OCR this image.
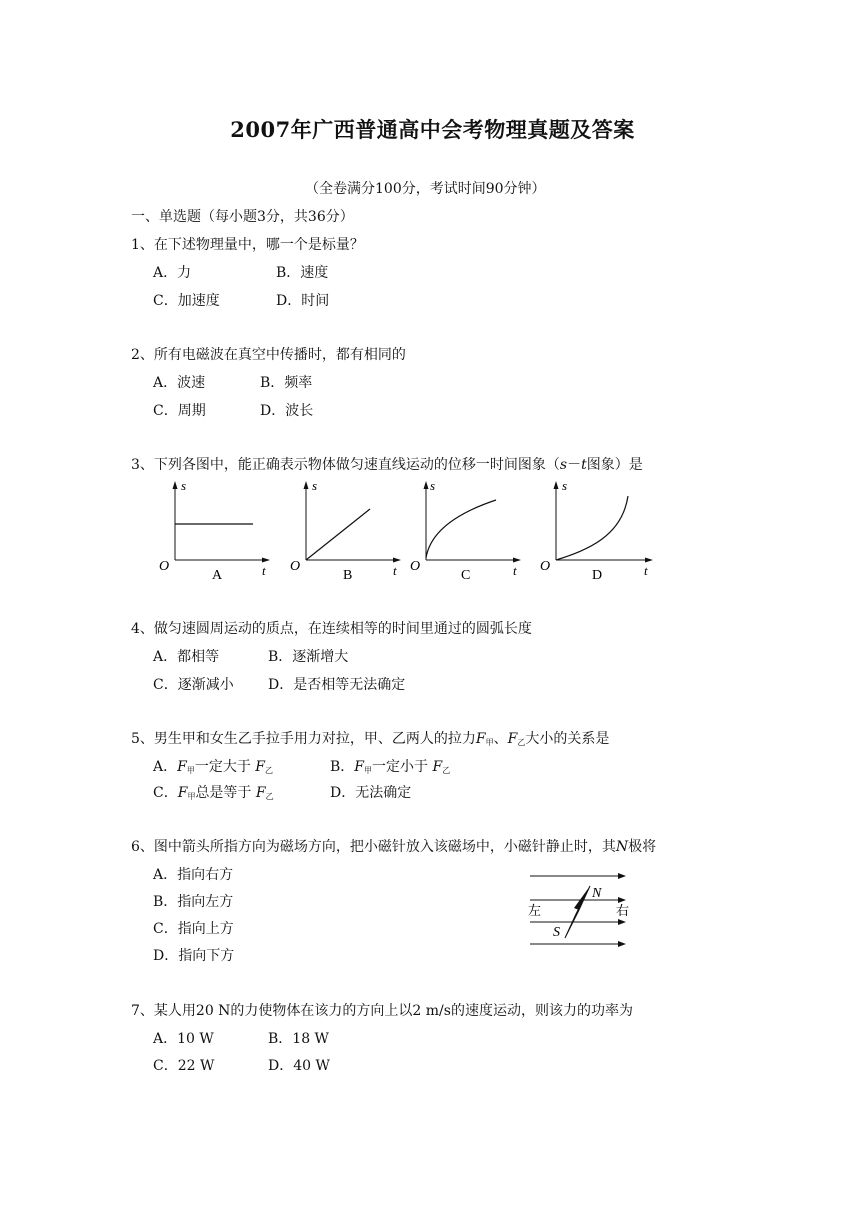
2007年广西普通高中会考物理真题及答案
（全卷满分100分，考试时间90分钟）
一、单选题（每小题3分，共36分）
1、在下述物理量中，哪一个是标量？
A．力	B．速度
C．加速度	D．时间
2、所有电磁波在真空中传播时，都有相同的
A．波速	B．频率
C．周期	D．波长
3、下列各图中，能正确表示物体做匀速直线运动的位移一时间图象（s－t图象）是
s
O	t
A
s
O	t
B
s
O	t
C
s
O	t
D
4、做匀速圆周运动的质点，在连续相等的时间里通过的圆弧长度
A．都相等	B．逐渐增大
C．逐渐减小 D．是否相等无法确定
5、男生甲和女生乙手拉手用力对拉，甲、乙两人的拉力$F_甲$、$F_乙$大小的关系是
A．$F_甲$一定大于 $F_乙$	B．$F_甲$一定小于 $F_乙$
C．$F_甲$总是等于 $F_乙$	D．无法确定
6、图中箭头所指方向为磁场方向，把小磁针放入该磁场中，小磁针静止时，其N极将
A．指向右方
B．指向左方
C．指向上方
D．指向下方
左	右
N
S
7、某人用20 N的力使物体在该力的方向上以2 m/s的速度运动，则该力的功率为
A．10 W	B．18 W
C．22 W	D．40 W
